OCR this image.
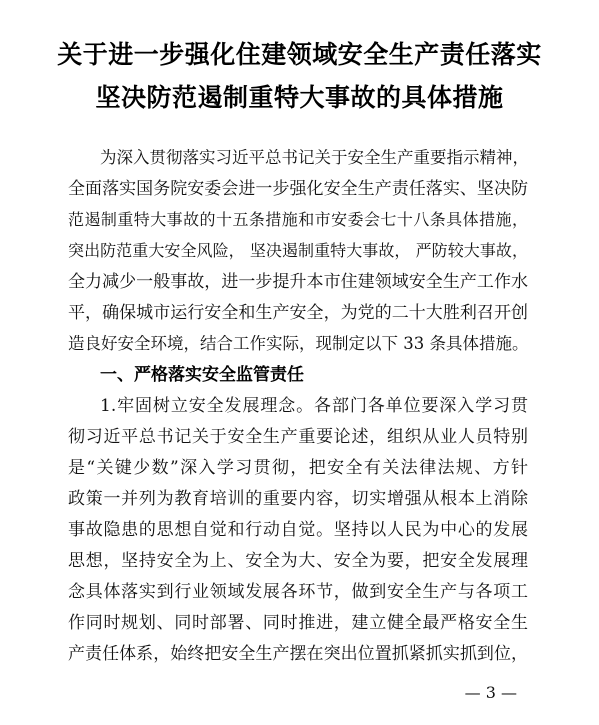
关于进一步强化住建领域安全生产责任落实
坚决防范遏制重特大事故的具体措施
为深入贯彻落实习近平总书记关于安全生产重要指示精神，
全面落实国务院安委会进一步强化安全生产责任落实、坚决防
范遏制重特大事故的十五条措施和市安委会七十八条具体措施，
突出防范重大安全风险， 坚决遏制重特大事故， 严防较大事故，
全力减少一般事故，进一步提升本市住建领域安全生产工作水
平，确保城市运行安全和生产安全，为党的二十大胜利召开创
造良好安全环境，结合工作实际，现制定以下 33 条具体措施。
一、严格落实安全监管责任
1.牢固树立安全发展理念。各部门各单位要深入学习贯
彻习近平总书记关于安全生产重要论述，组织从业人员特别
是“关键少数”深入学习贯彻，把安全有关法律法规、方针
政策一并列为教育培训的重要内容，切实增强从根本上消除
事故隐患的思想自觉和行动自觉。坚持以人民为中心的发展
思想，坚持安全为上、安全为大、安全为要，把安全发展理
念具体落实到行业领域发展各环节，做到安全生产与各项工
作同时规划、同时部署、同时推进，建立健全最严格安全生
产责任体系，始终把安全生产摆在突出位置抓紧抓实抓到位，
— 3 —
